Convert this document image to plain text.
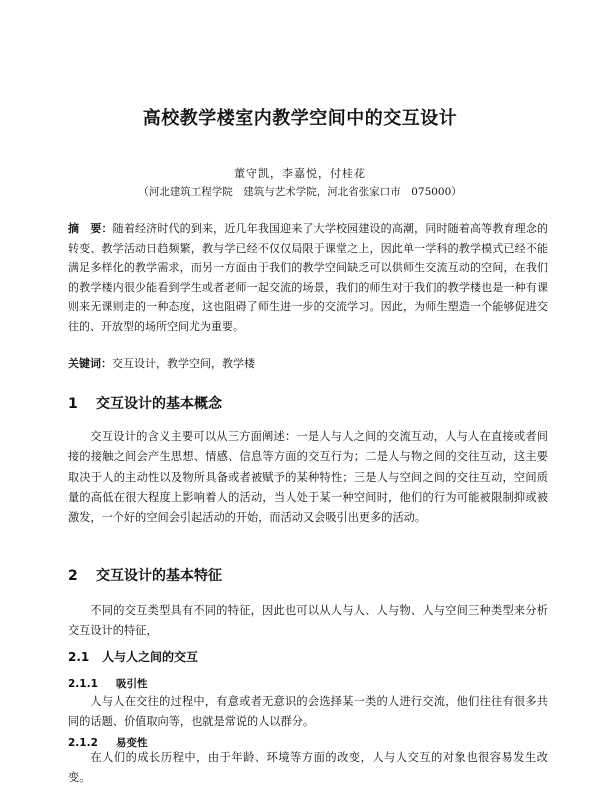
高校教学楼室内教学空间中的交互设计
董守凯，李嘉悦，付桂花
（河北建筑工程学院　建筑与艺术学院，河北省张家口市　075000）
摘　要：随着经济时代的到来，近几年我国迎来了大学校园建设的高潮，同时随着高等教育理念的转变、教学活动日趋频繁，教与学已经不仅仅局限于课堂之上，因此单一学科的教学模式已经不能满足多样化的教学需求，而另一方面由于我们的教学空间缺乏可以供师生交流互动的空间，在我们的教学楼内很少能看到学生或者老师一起交流的场景，我们的师生对于我们的教学楼也是一种有课则来无课则走的一种态度，这也阻碍了师生进一步的交流学习。因此，为师生塑造一个能够促进交往的、开放型的场所空间尤为重要。
关键词：交互设计，教学空间，教学楼
1 交互设计的基本概念
交互设计的含义主要可以从三方面阐述：一是人与人之间的交流互动，人与人在直接或者间接的接触之间会产生思想、情感、信息等方面的交互行为；二是人与物之间的交往互动，这主要取决于人的主动性以及物所具备或者被赋予的某种特性；三是人与空间之间的交往互动，空间质量的高低在很大程度上影响着人的活动，当人处于某一种空间时，他们的行为可能被限制抑或被激发，一个好的空间会引起活动的开始，而活动又会吸引出更多的活动。
2 交互设计的基本特征
不同的交互类型具有不同的特征，因此也可以从人与人、人与物、人与空间三种类型来分析交互设计的特征，
2.1 人与人之间的交互
2.1.1 吸引性
人与人在交往的过程中，有意或者无意识的会选择某一类的人进行交流，他们往往有很多共同的话题、价值取向等，也就是常说的人以群分。
2.1.2 易变性
在人们的成长历程中，由于年龄、环境等方面的改变，人与人交互的对象也很容易发生改变。
